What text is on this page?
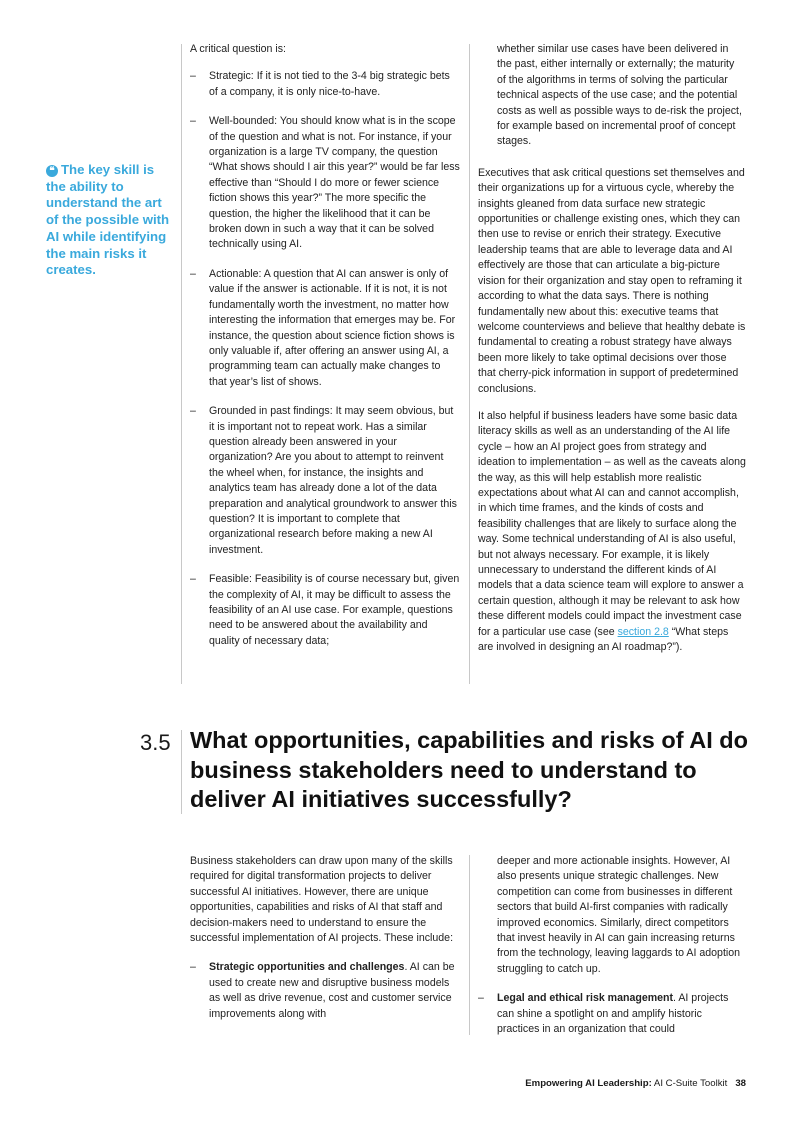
❝ The key skill is the ability to understand the art of the possible with AI while identifying the main risks it creates.

A critical question is:

– Strategic: If it is not tied to the 3-4 big strategic bets of a company, it is only nice-to-have.
– Well-bounded: You should know what is in the scope of the question and what is not. For instance, if your organization is a large TV company, the question “What shows should I air this year?” would be far less effective than “Should I do more or fewer science fiction shows this year?” The more specific the question, the higher the likelihood that it can be broken down in such a way that it can be solved technically using AI.
– Actionable: A question that AI can answer is only of value if the answer is actionable. If it is not, it is not fundamentally worth the investment, no matter how interesting the information that emerges may be. For instance, the question about science fiction shows is only valuable if, after offering an answer using AI, a programming team can actually make changes to that year’s list of shows.
– Grounded in past findings: It may seem obvious, but it is important not to repeat work. Has a similar question already been answered in your organization? Are you about to attempt to reinvent the wheel when, for instance, the insights and analytics team has already done a lot of the data preparation and analytical groundwork to answer this question? It is important to complete that organizational research before making a new AI investment.
– Feasible: Feasibility is of course necessary but, given the complexity of AI, it may be difficult to assess the feasibility of an AI use case. For example, questions need to be answered about the availability and quality of necessary data;
whether similar use cases have been delivered in the past, either internally or externally; the maturity of the algorithms in terms of solving the particular technical aspects of the use case; and the potential costs as well as possible ways to de-risk the project, for example based on incremental proof of concept stages.

Executives that ask critical questions set themselves and their organizations up for a virtuous cycle, whereby the insights gleaned from data surface new strategic opportunities or challenge existing ones, which they can then use to revise or enrich their strategy. Executive leadership teams that are able to leverage data and AI effectively are those that can articulate a big-picture vision for their organization and stay open to reframing it according to what the data says. There is nothing fundamentally new about this: executive teams that welcome counterviews and believe that healthy debate is fundamental to creating a robust strategy have always been more likely to take optimal decisions over those that cherry-pick information in support of predetermined conclusions.

It also helpful if business leaders have some basic data literacy skills as well as an understanding of the AI life cycle – how an AI project goes from strategy and ideation to implementation – as well as the caveats along the way, as this will help establish more realistic expectations about what AI can and cannot accomplish, in which time frames, and the kinds of costs and feasibility challenges that are likely to surface along the way. Some technical understanding of AI is also useful, but not always necessary. For example, it is likely unnecessary to understand the different kinds of AI models that a data science team will explore to answer a certain question, although it may be relevant to ask how these different models could impact the investment case for a particular use case (see section 2.8 “What steps are involved in designing an AI roadmap?”).

3.5 What opportunities, capabilities and risks of AI do business stakeholders need to understand to deliver AI initiatives successfully?

Business stakeholders can draw upon many of the skills required for digital transformation projects to deliver successful AI initiatives. However, there are unique opportunities, capabilities and risks of AI that staff and decision-makers need to understand to ensure the successful implementation of AI projects. These include:

– Strategic opportunities and challenges. AI can be used to create new and disruptive business models as well as drive revenue, cost and customer service improvements along with
deeper and more actionable insights. However, AI also presents unique strategic challenges. New competition can come from businesses in different sectors that build AI-first companies with radically improved economics. Similarly, direct competitors that invest heavily in AI can gain increasing returns from the technology, leaving laggards to AI adoption struggling to catch up.
– Legal and ethical risk management. AI projects can shine a spotlight on and amplify historic practices in an organization that could
Empowering AI Leadership: AI C-Suite Toolkit 38
